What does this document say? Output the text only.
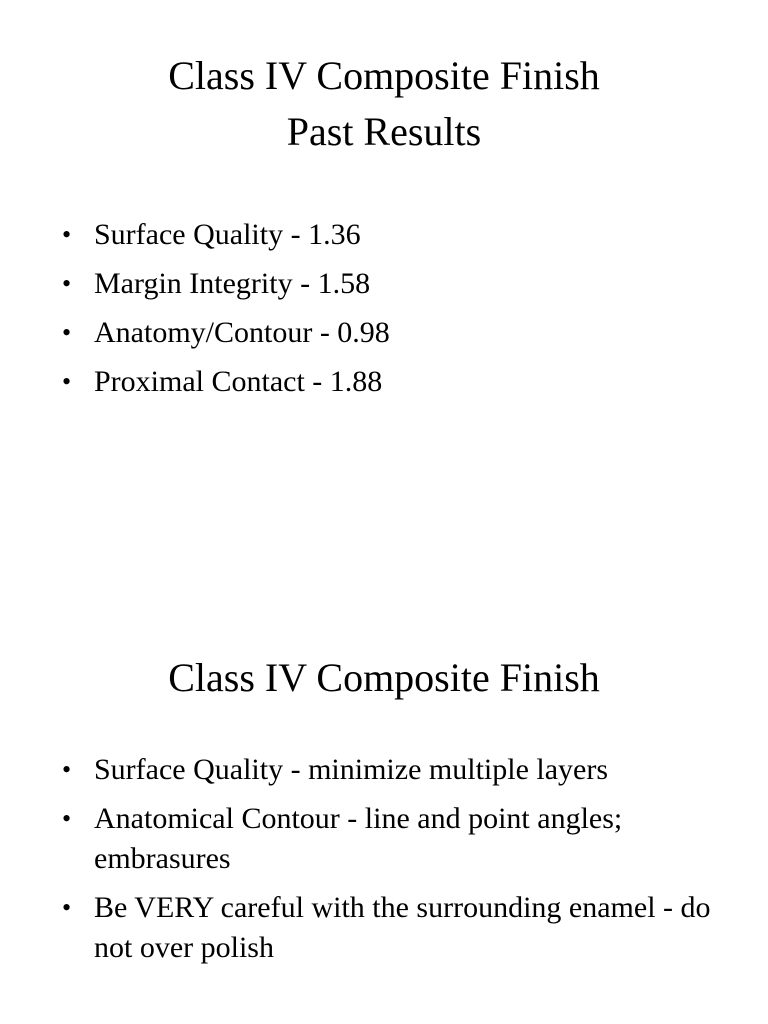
Class IV Composite Finish
Past Results
• Surface Quality - 1.36
• Margin Integrity - 1.58
• Anatomy/Contour - 0.98
• Proximal Contact - 1.88
Class IV Composite Finish
• Surface Quality - minimize multiple layers
• Anatomical Contour - line and point angles; embrasures
• Be VERY careful with the surrounding enamel - do not over polish
